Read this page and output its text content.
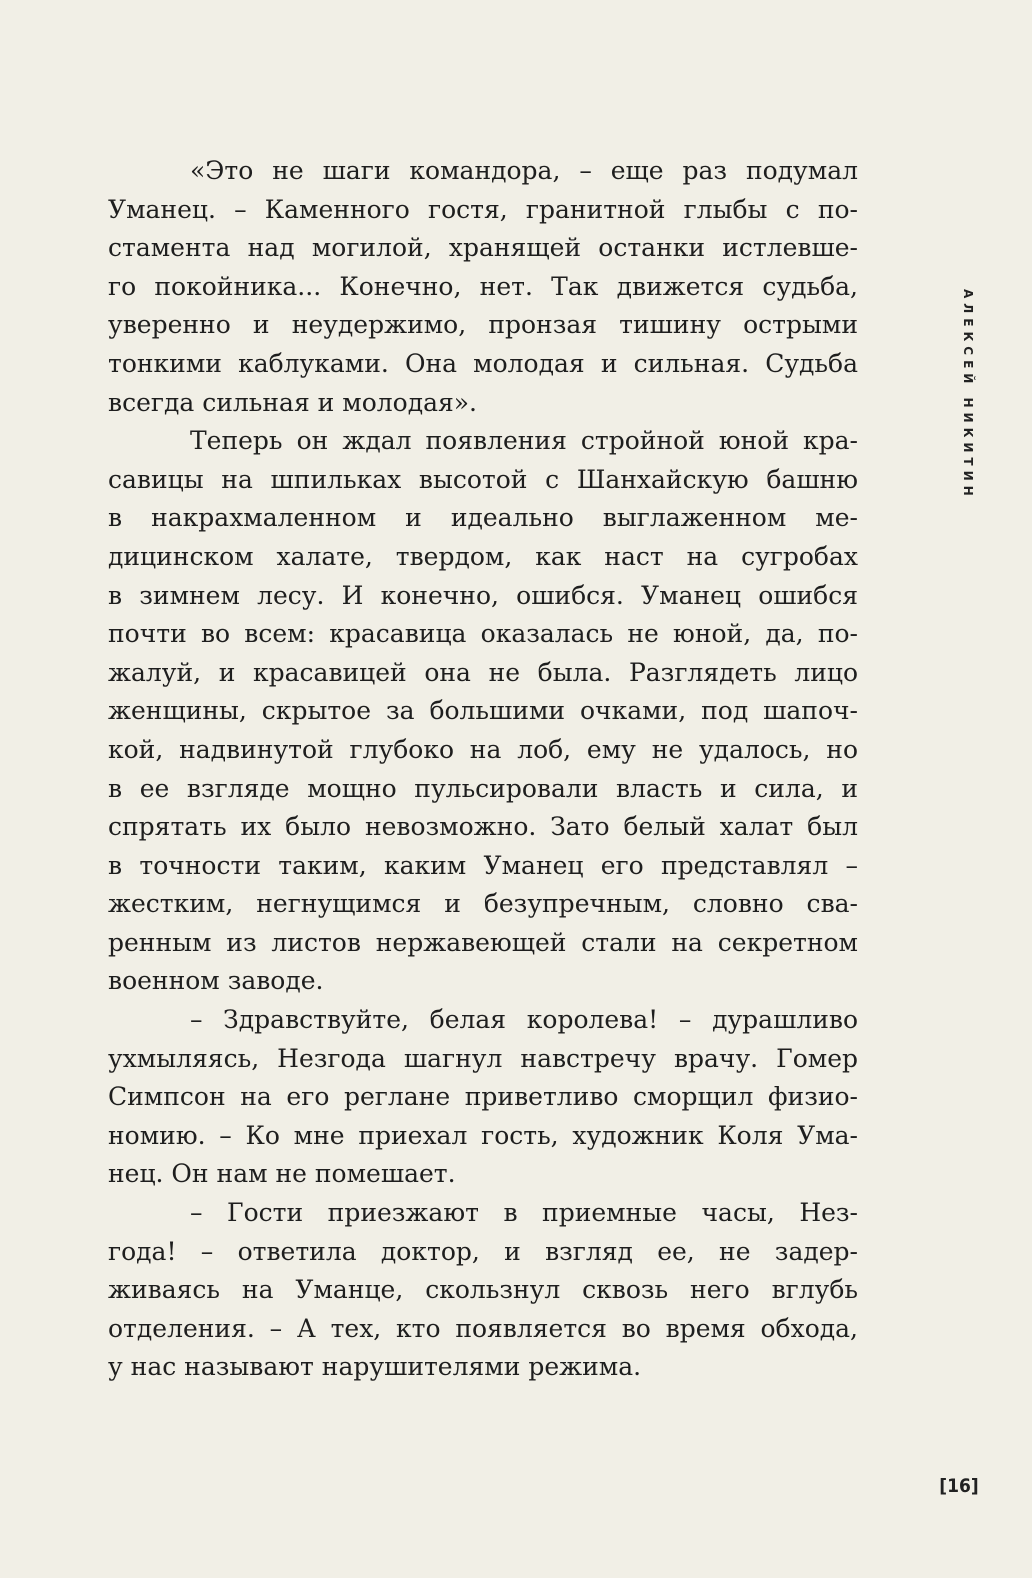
«Это не шаги командора, – еще раз подумал
Уманец. – Каменного гостя, гранитной глыбы с по-
стамента над могилой, хранящей останки истлевше-
го покойника... Конечно, нет. Так движется судьба,
уверенно и неудержимо, пронзая тишину острыми
тонкими каблуками. Она молодая и сильная. Судьба
всегда сильная и молодая».
Теперь он ждал появления стройной юной кра-
савицы на шпильках высотой с Шанхайскую башню
в накрахмаленном и идеально выглаженном ме-
дицинском халате, твердом, как наст на сугробах
в зимнем лесу. И конечно, ошибся. Уманец ошибся
почти во всем: красавица оказалась не юной, да, по-
жалуй, и красавицей она не была. Разглядеть лицо
женщины, скрытое за большими очками, под шапоч-
кой, надвинутой глубоко на лоб, ему не удалось, но
в ее взгляде мощно пульсировали власть и сила, и
спрятать их было невозможно. Зато белый халат был
в точности таким, каким Уманец его представлял –
жестким, негнущимся и безупречным, словно сва-
ренным из листов нержавеющей стали на секретном
военном заводе.
– Здравствуйте, белая королева! – дурашливо
ухмыляясь, Незгода шагнул навстречу врачу. Гомер
Симпсон на его реглане приветливо сморщил физио-
номию. – Ко мне приехал гость, художник Коля Ума-
нец. Он нам не помешает.
– Гости приезжают в приемные часы, Нез-
года! – ответила доктор, и взгляд ее, не задер-
живаясь на Уманце, скользнул сквозь него вглубь
отделения. – А тех, кто появляется во время обхода,
у нас называют нарушителями режима.
АЛЕКСЕЙ НИКИТИН
[16]
